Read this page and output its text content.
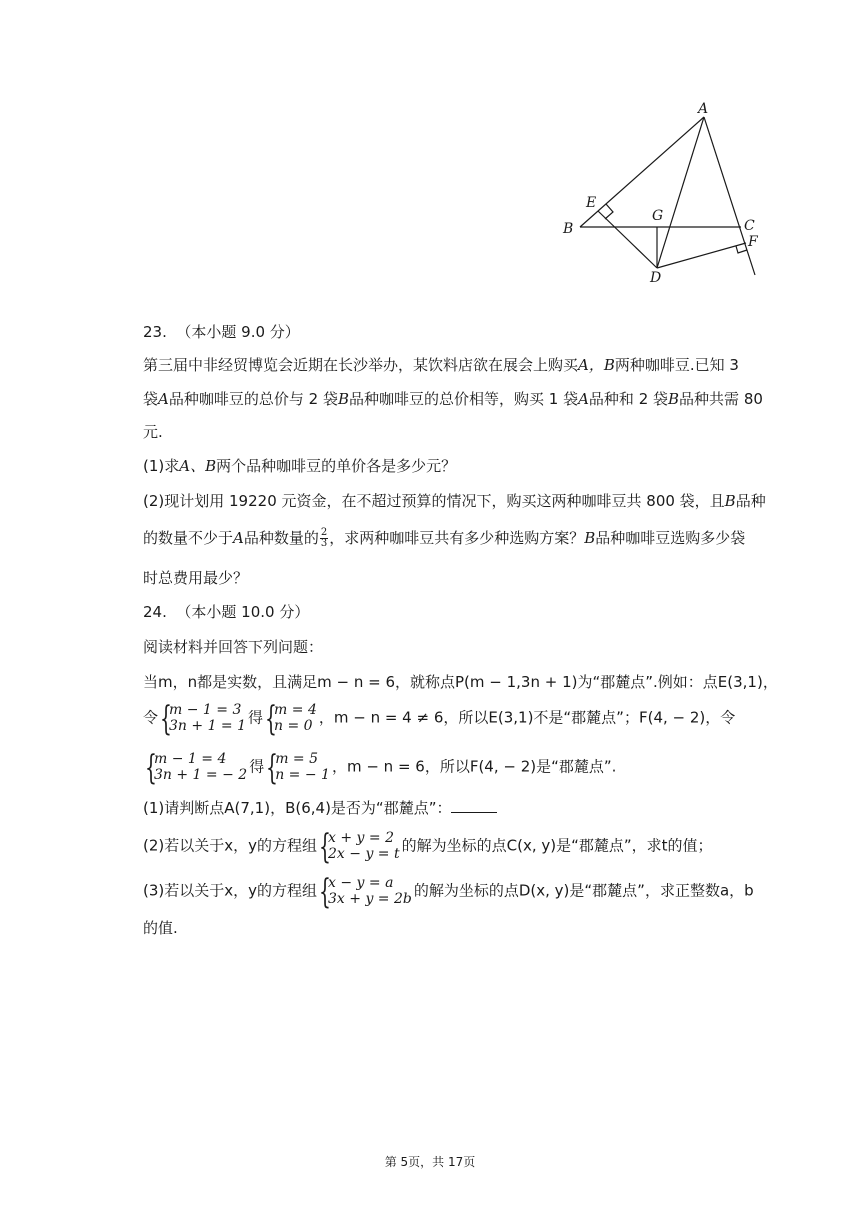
A
B	C
D
E
F
G
23.  （本小题 9.0 分）
第三届中非经贸博览会近期在长沙举办，某饮料店欲在展会上购买A，B两种咖啡豆.已知 3
袋A品种咖啡豆的总价与 2 袋B品种咖啡豆的总价相等，购买 1 袋A品种和 2 袋B品种共需 80
元.
(1)求A、B两个品种咖啡豆的单价各是多少元？
(2)现计划用 19220 元资金，在不超过预算的情况下，购买这两种咖啡豆共 800 袋，且B品种
的数量不少于A品种数量的 $\frac{2}{3}$ ，求两种咖啡豆共有多少种选购方案？B品种咖啡豆选购多少袋
时总费用最少？
24.  （本小题 10.0 分）
阅读材料并回答下列问题：
当m，n都是实数，且满足m − n = 6，就称点P(m − 1,3n + 1)为“郡麓点”.例如：点E(3,1)，
令 {
m − 1 = 3
3n + 1 = 1 得 {
m = 4
n = 0 ，m − n = 4 ≠ 6，所以E(3,1)不是“郡麓点”；F(4, − 2)，令
{
m − 1 = 4
3n + 1 = − 2 得 {
m = 5
n = − 1 ，m − n = 6，所以F(4, − 2)是“郡麓点”.
(1)请判断点A(7,1)，B(6,4)是否为“郡麓点”：
(2)若以关于x，y的方程组 {
x + y = 2
2x − y = t 的解为坐标的点C(x, y)是“郡麓点”，求t的值；
(3)若以关于x，y的方程组 {
x − y = a
3x + y = 2b 的解为坐标的点D(x, y)是“郡麓点”，求正整数a，b
的值.
第 5页，共 17页
